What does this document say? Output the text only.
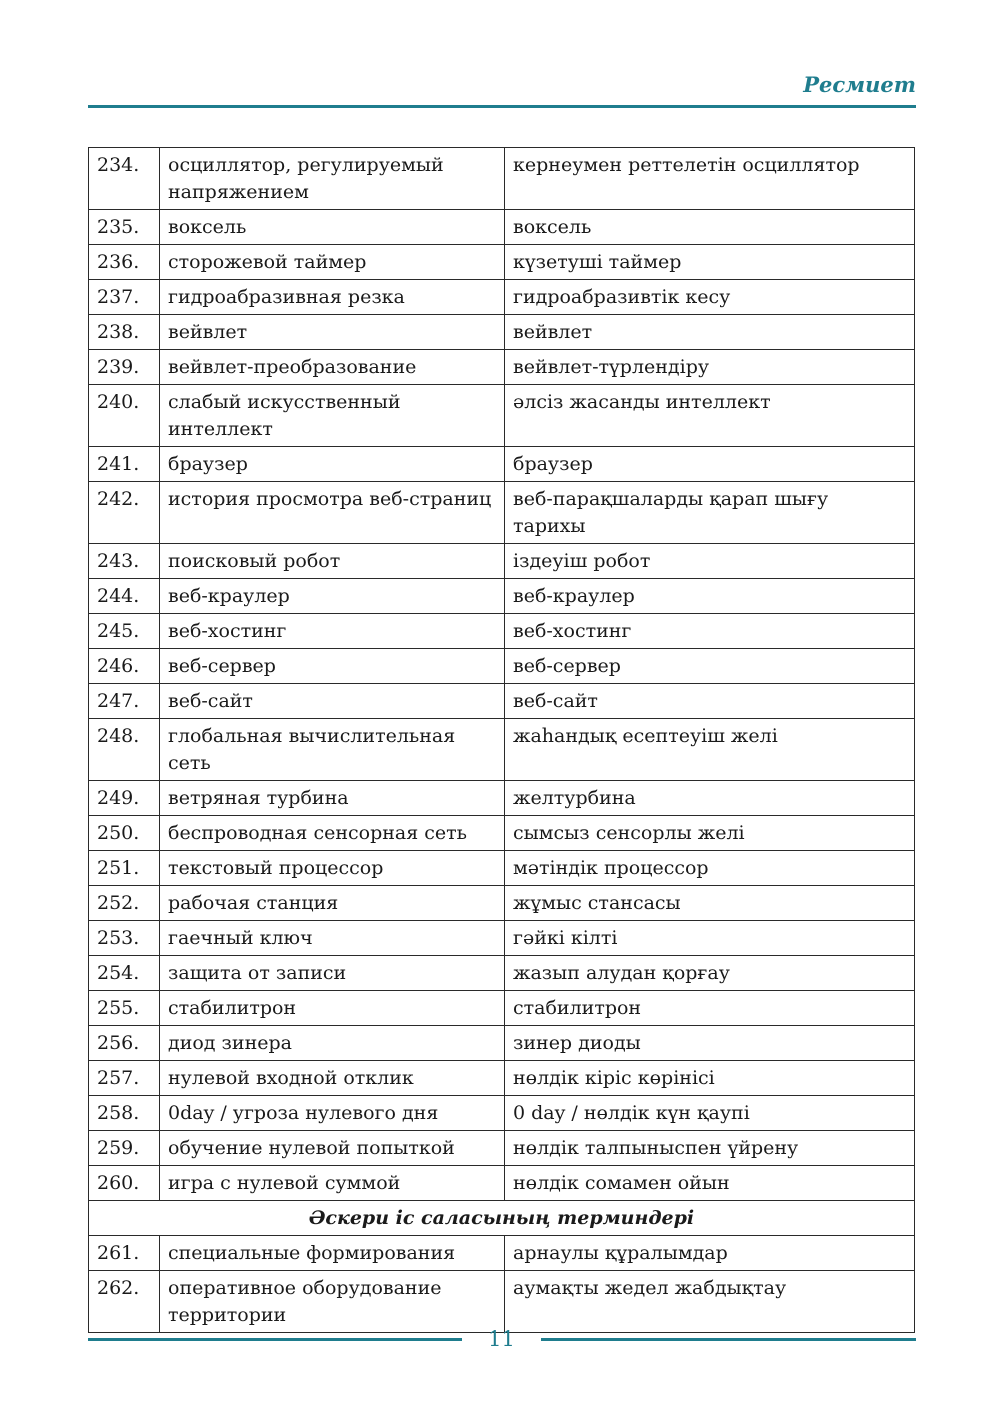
Ресмиет
234.	осциллятор, регулируемый напряжением	кернеумен реттелетін осциллятор
235.	воксель	воксель
236.	сторожевой таймер	күзетуші таймер
237.	гидроабразивная резка	гидроабразивтік кесу
238.	вейвлет	вейвлет
239.	вейвлет-преобразование	вейвлет-түрлендіру
240.	слабый искусственный интеллект	әлсіз жасанды интеллект
241.	браузер	браузер
242.	история просмотра веб-страниц	веб-парақшаларды қарап шығу тарихы
243.	поисковый робот	іздеуіш робот
244.	веб-краулер	веб-краулер
245.	веб-хостинг	веб-хостинг
246.	веб-сервер	веб-сервер
247.	веб-сайт	веб-сайт
248.	глобальная вычислительная сеть	жаһандық есептеуіш желі
249.	ветряная турбина	желтурбина
250.	беспроводная сенсорная сеть	сымсыз сенсорлы желі
251.	текстовый процессор	мәтіндік процессор
252.	рабочая станция	жұмыс стансасы
253.	гаечный ключ	гәйкі кілті
254.	защита от записи	жазып алудан қорғау
255.	стабилитрон	стабилитрон
256.	диод зинера	зинер диоды
257.	нулевой входной отклик	нөлдік кіріс көрінісі
258.	0day / угроза нулевого дня	0 day / нөлдік күн қаупі
259.	обучение нулевой попыткой	нөлдік талпыныспен үйрену
260.	игра с нулевой суммой	нөлдік сомамен ойын
Әскери іс саласының терминдері		
261.	специальные формирования	арнаулы құралымдар
262.	оперативное оборудование территории	аумақты жедел жабдықтау
11
